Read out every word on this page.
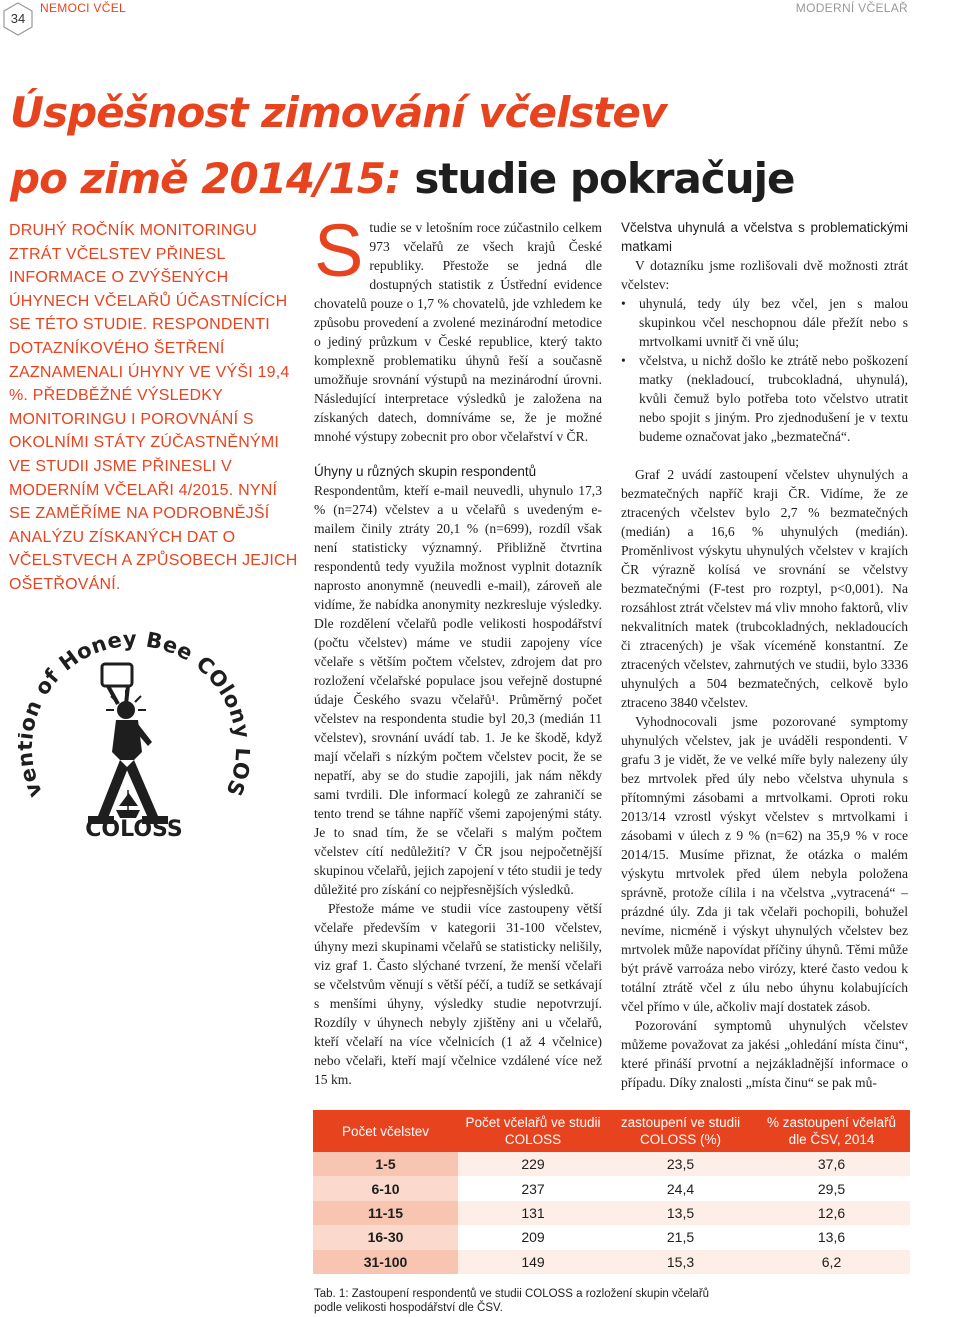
34
NEMOCI VČEL	MODERNÍ VČELAŘ
Úspěšnost zimování včelstev
po zimě 2014/15: studie pokračuje

DRUHÝ ROČNÍK MONITORINGU ZTRÁT VČELSTEV PŘINESL INFORMACE O ZVÝŠENÝCH ÚHYNECH VČELAŘŮ ÚČASTNÍCÍCH SE TÉTO STUDIE. RESPONDENTI DOTAZNÍKOVÉHO ŠETŘENÍ ZAZNAMENALI ÚHYNY VE VÝŠI 19,4 %. PŘEDBĚŽNÉ VÝSLEDKY MONITORINGU I POROVNÁNÍ S OKOLNÍMI STÁTY ZÚČASTNĚNÝMI VE STUDII JSME PŘINESLI V MODERNÍM VČELAŘI 4/2015. NYNÍ SE ZAMĚŘÍME NA PODROBNĚJŠÍ ANALÝZU ZÍSKANÝCH DAT O VČELSTVECH A ZPŮSOBECH JEJICH OŠETŘOVÁNÍ.

v n of Honey Bee COlon S
COLOSS

Studie se v letošním roce zúčastnilo celkem 973 včelařů ze všech krajů České republiky. Přestože se jedná dle dostupných statistik z Ústřední evidence chovatelů pouze o 1,7 % chovatelů, jde vzhledem ke způsobu provedení a zvolené mezinárodní metodice o jediný průzkum v České republice, který takto komplexně problematiku úhynů řeší a současně umožňuje srovnání výstupů na mezinárodní úrovni. Následující interpretace výsledků je založena na získaných datech, domníváme se, že je možné mnohé výstupy zobecnit pro obor včelařství v ČR.

Úhyny u různých skupin respondentů

Respondentům, kteří e-mail neuvedli, uhynulo 17,3 % (n=274) včelstev a u včelařů s uvedeným e-mailem činily ztráty 20,1 % (n=699), rozdíl však není statisticky významný. Přibližně čtvrtina respondentů tedy využila možnost vyplnit dotazník naprosto anonymně (neuvedli e-mail), zároveň ale vidíme, že nabídka anonymity nezkresluje výsledky. Dle rozdělení včelařů podle velikosti hospodářství (počtu včelstev) máme ve studii zapojeny více včelaře s větším počtem včelstev, zdrojem dat pro rozložení včelařské populace jsou veřejně dostupné údaje Českého svazu včelařů¹. Průměrný počet včelstev na respondenta studie byl 20,3 (medián 11 včelstev), srovnání uvádí tab. 1. Je ke škodě, když mají včelaři s nízkým počtem včelstev pocit, že se nepatří, aby se do studie zapojili, jak nám někdy sami tvrdili. Dle informací kolegů ze zahraničí se tento trend se táhne napříč všemi zapojenými státy. Je to snad tím, že se včelaři s malým počtem včelstev cítí nedůležití? V ČR jsou nejpočetnější skupinou včelařů, jejich zapojení v této studii je tedy důležité pro získání co nejpřesnějších výsledků.

Přestože máme ve studii více zastoupeny větší včelaře především v kategorii 31-100 včelstev, úhyny mezi skupinami včelařů se statisticky nelišily, viz graf 1. Často slýchané tvrzení, že menší včelaři se včelstvům věnují s větší péčí, a tudíž se setkávají s menšími úhyny, výsledky studie nepotvrzují. Rozdíly v úhynech nebyly zjištěny ani u včelařů, kteří včelaří na více včelnicích (1 až 4 včelnice) nebo včelaři, kteří mají včelnice vzdálené více než 15 km.

Včelstva uhynulá a včelstva s problematickými matkami

V dotazníku jsme rozlišovali dvě možnosti ztrát včelstev:

• uhynulá, tedy úly bez včel, jen s malou skupinkou včel neschopnou dále přežít nebo s mrtvolkami uvnitř či vně úlu;
• včelstva, u nichž došlo ke ztrátě nebo poškození matky (nekladoucí, trubcokladná, uhynulá), kvůli čemuž bylo potřeba toto včelstvo utratit nebo spojit s jiným. Pro zjednodušení je v textu budeme označovat jako „bezmatečná“.

Graf 2 uvádí zastoupení včelstev uhynulých a bezmatečných napříč kraji ČR. Vidíme, že ze ztracených včelstev bylo 2,7 % bezmatečných (medián) a 16,6 % uhynulých (medián). Proměnlivost výskytu uhynulých včelstev v krajích ČR výrazně kolísá ve srovnání se včelstvy bezmatečnými (F-test pro rozptyl, p<0,001). Na rozsáhlost ztrát včelstev má vliv mnoho faktorů, vliv nekvalitních matek (trubcokladných, nekladoucích či ztracených) je však víceméně konstantní. Ze ztracených včelstev, zahrnutých ve studii, bylo 3336 uhynulých a 504 bezmatečných, celkově bylo ztraceno 3840 včelstev.

Vyhodnocovali jsme pozorované symptomy uhynulých včelstev, jak je uváděli respondenti. V grafu 3 je vidět, že ve velké míře byly nalezeny úly bez mrtvolek před úly nebo včelstva uhynula s přítomnými zásobami a mrtvolkami. Oproti roku 2013/14 vzrostl výskyt včelstev s mrtvolkami i zásobami v úlech z 9 % (n=62) na 35,9 % v roce 2014/15. Musíme přiznat, že otázka o malém výskytu mrtvolek před úlem nebyla položena správně, protože cílila i na včelstva „vytracená“ – prázdné úly. Zda ji tak včelaři pochopili, bohužel nevíme, nicméně i výskyt uhynulých včelstev bez mrtvolek může napovídat příčiny úhynů. Těmi může být právě varroáza nebo virózy, které často vedou k totální ztrátě včel z úlu nebo úhynu kolabujících včel přímo v úle, ačkoliv mají dostatek zásob.

Pozorování symptomů uhynulých včelstev můžeme považovat za jakési „ohledání místa činu“, které přináší prvotní a nejzákladnější informace o případu. Díky znalosti „místa činu“ se pak mů-

Počet včelstev	Počet včelařů ve studii COLOSS	zastoupení ve studii COLOSS (%)	% zastoupení včelařů dle ČSV, 2014
1-5	229	23,5	37,6
6-10	237	24,4	29,5
11-15	131	13,5	12,6
16-30	209	21,5	13,6
31-100	149	15,3	6,2
Tab. 1: Zastoupení respondentů ve studii COLOSS a rozložení skupin včelařů podle velikosti hospodářství dle ČSV.
